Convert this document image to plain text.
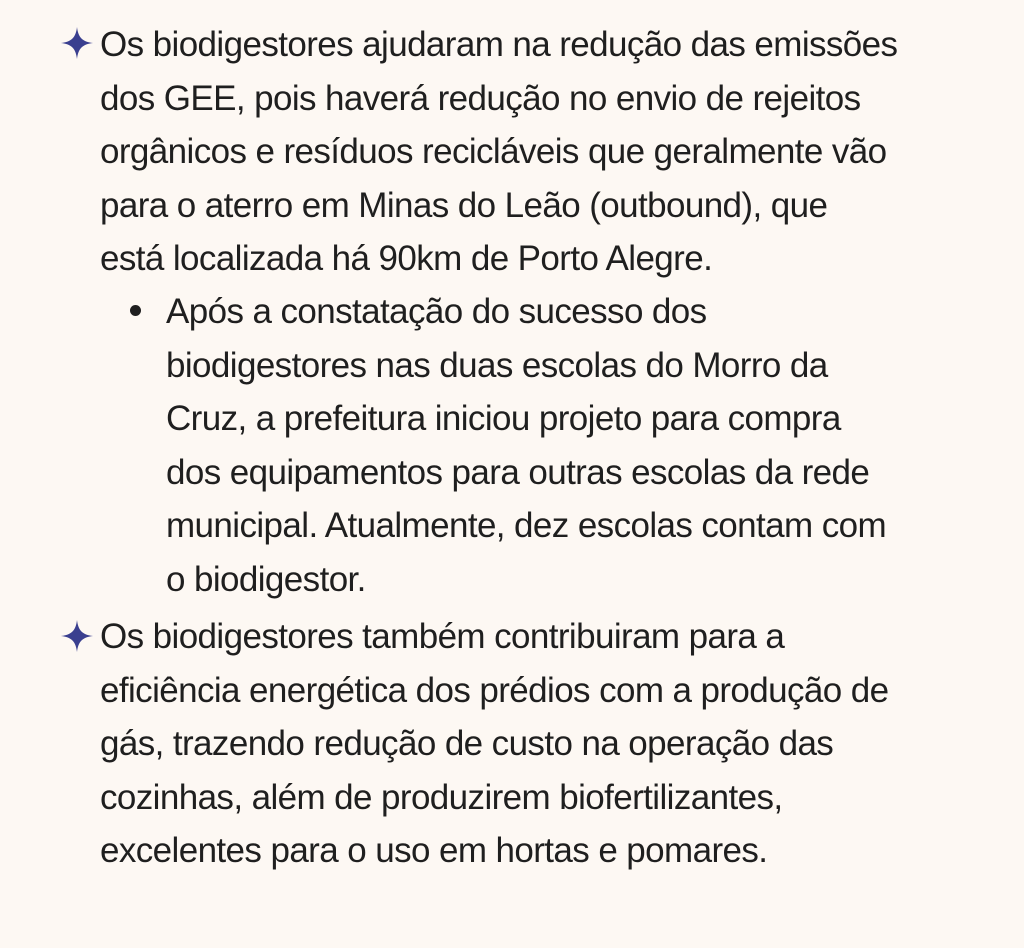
Os biodigestores ajudaram na redução das emissões
dos GEE, pois haverá redução no envio de rejeitos
orgânicos e resíduos recicláveis que geralmente vão
para o aterro em Minas do Leão (outbound), que
está localizada há 90km de Porto Alegre.
Após a constatação do sucesso dos
biodigestores nas duas escolas do Morro da
Cruz, a prefeitura iniciou projeto para compra
dos equipamentos para outras escolas da rede
municipal. Atualmente, dez escolas contam com
o biodigestor.
Os biodigestores também contribuiram para a
eficiência energética dos prédios com a produção de
gás, trazendo redução de custo na operação das
cozinhas, além de produzirem biofertilizantes,
excelentes para o uso em hortas e pomares.
